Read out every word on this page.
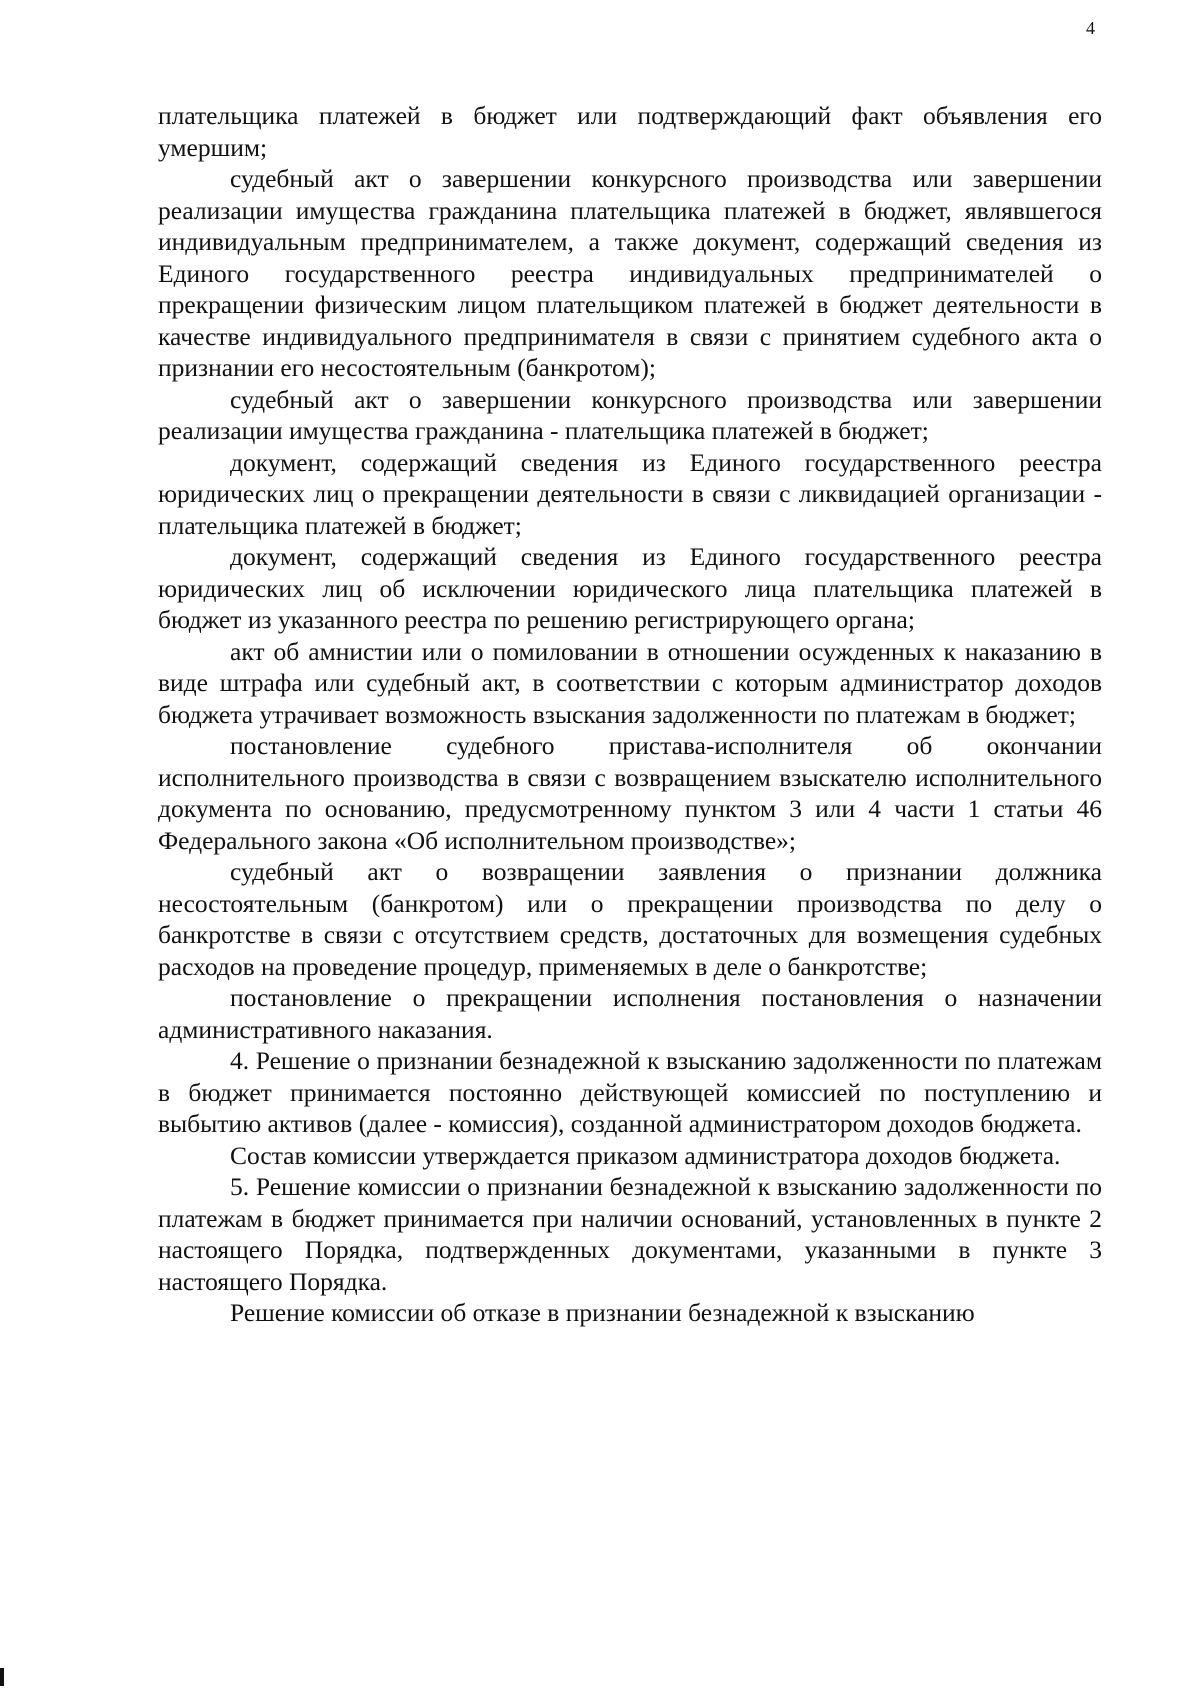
4

плательщика платежей в бюджет или подтверждающий факт объявления его умершим;

судебный акт о завершении конкурсного производства или завершении реализации имущества гражданина плательщика платежей в бюджет, являвшегося индивидуальным предпринимателем, а также документ, содержащий сведения из Единого государственного реестра индивидуальных предпринимателей о прекращении физическим лицом плательщиком платежей в бюджет деятельности в качестве индивидуального предпринимателя в связи с принятием судебного акта о признании его несостоятельным (банкротом);

судебный акт о завершении конкурсного производства или завершении реализации имущества гражданина - плательщика платежей в бюджет;

документ, содержащий сведения из Единого государственного реестра юридических лиц о прекращении деятельности в связи с ликвидацией организации - плательщика платежей в бюджет;

документ, содержащий сведения из Единого государственного реестра юридических лиц об исключении юридического лица плательщика платежей в бюджет из указанного реестра по решению регистрирующего органа;

акт об амнистии или о помиловании в отношении осужденных к наказанию в виде штрафа или судебный акт, в соответствии с которым администратор доходов бюджета утрачивает возможность взыскания задолженности по платежам в бюджет;

постановление судебного пристава-исполнителя об окончании исполнительного производства в связи с возвращением взыскателю исполнительного документа по основанию, предусмотренному пунктом 3 или 4 части 1 статьи 46 Федерального закона «Об исполнительном производстве»;

судебный акт о возвращении заявления о признании должника несостоятельным (банкротом) или о прекращении производства по делу о банкротстве в связи с отсутствием средств, достаточных для возмещения судебных расходов на проведение процедур, применяемых в деле о банкротстве;

постановление о прекращении исполнения постановления о назначении административного наказания.

4. Решение о признании безнадежной к взысканию задолженности по платежам в бюджет принимается постоянно действующей комиссией по поступлению и выбытию активов (далее - комиссия), созданной администратором доходов бюджета.

Состав комиссии утверждается приказом администратора доходов бюджета.

5. Решение комиссии о признании безнадежной к взысканию задолженности по платежам в бюджет принимается при наличии оснований, установленных в пункте 2 настоящего Порядка, подтвержденных документами, указанными в пункте 3 настоящего Порядка.

Решение комиссии об отказе в признании безнадежной к взысканию
